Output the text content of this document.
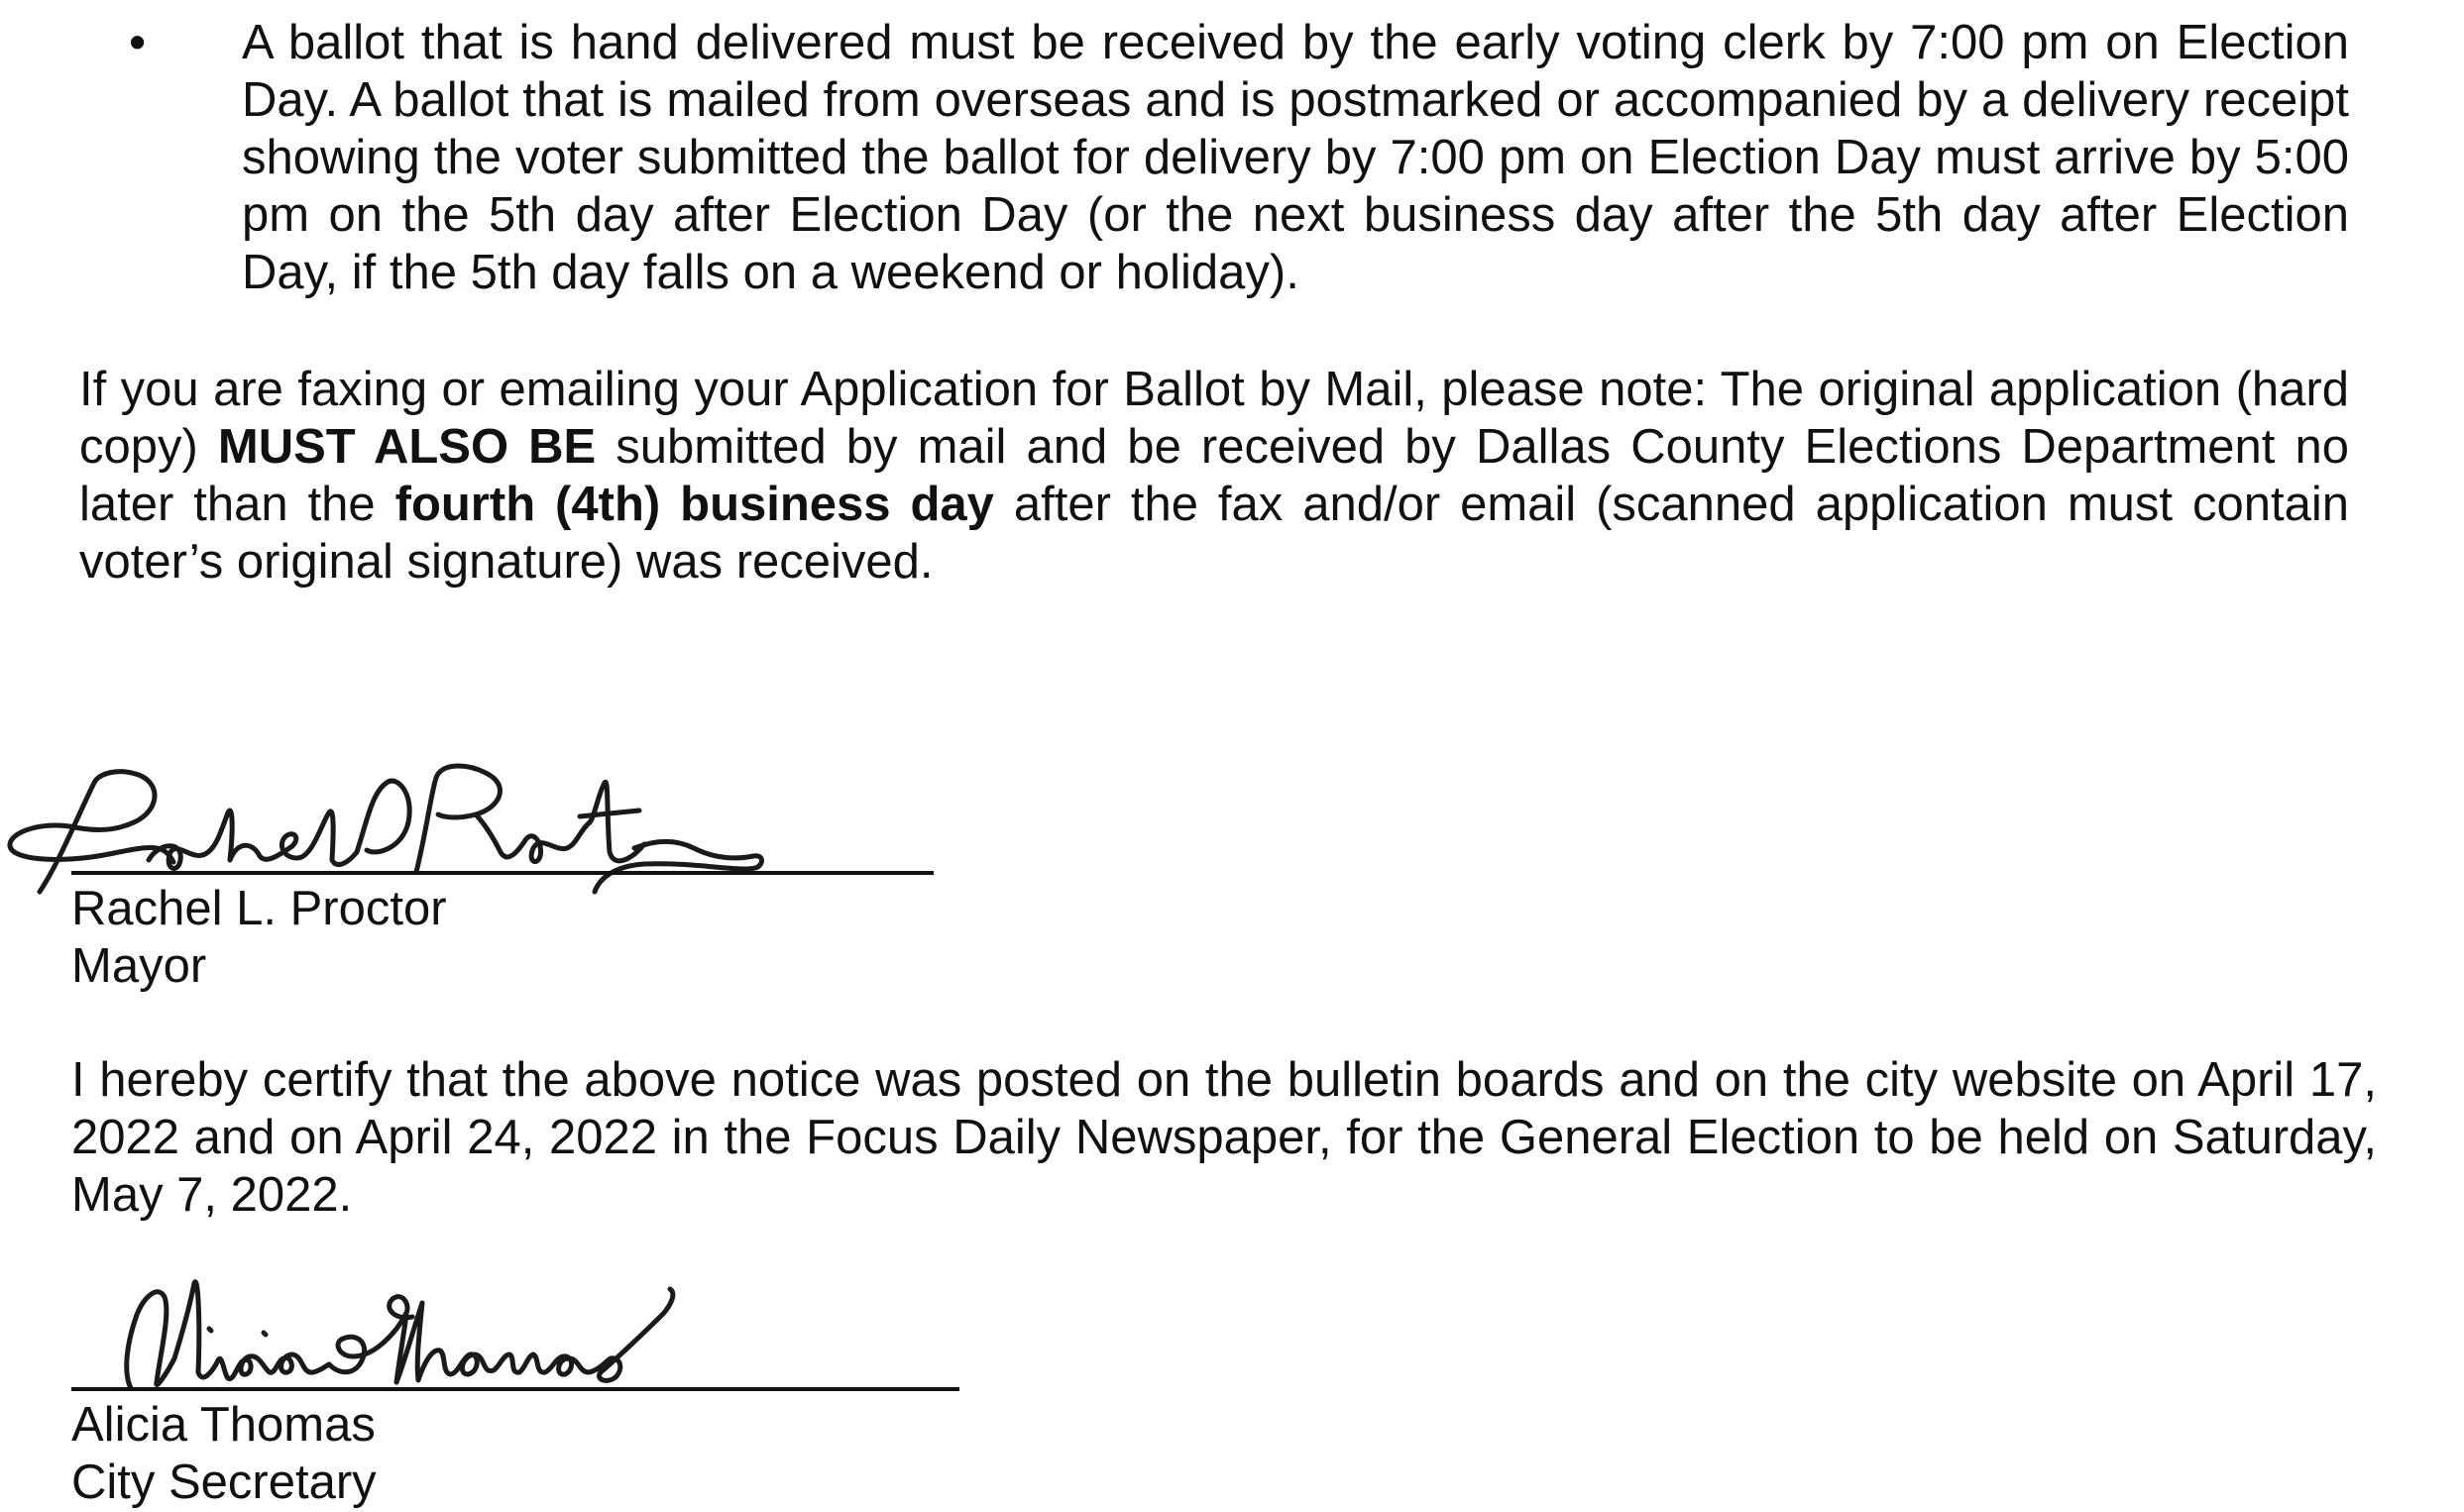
• A ballot that is hand delivered must be received by the early voting clerk by 7:00 pm on Election Day. A ballot that is mailed from overseas and is postmarked or accompanied by a delivery receipt showing the voter submitted the ballot for delivery by 7:00 pm on Election Day must arrive by 5:00 pm on the 5th day after Election Day (or the next business day after the 5th day after Election Day, if the 5th day falls on a weekend or holiday).

If you are faxing or emailing your Application for Ballot by Mail, please note: The original application (hard copy) MUST ALSO BE submitted by mail and be received by Dallas County Elections Department no later than the fourth (4th) business day after the fax and/or email (scanned application must contain voter’s original signature) was received.

Rachel L. Proctor

Mayor

I hereby certify that the above notice was posted on the bulletin boards and on the city website on April 17, 2022 and on April 24, 2022 in the Focus Daily Newspaper, for the General Election to be held on Saturday, May 7, 2022.

Alicia Thomas

City Secretary
